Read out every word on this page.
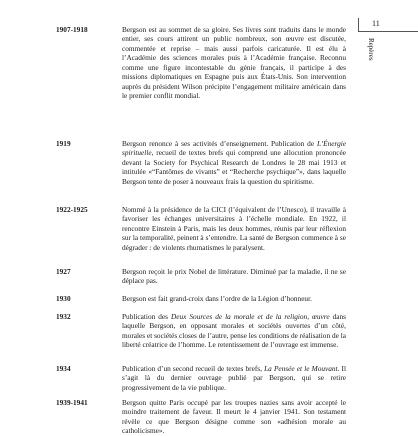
11
Repères
1907-1918	Bergson est au sommet de sa gloire. Ses livres sont traduits dans le monde entier, ses cours attirent un public nombreux, son œuvre est discutée, commentée et reprise – mais aussi parfois caricaturée. Il est élu à l’Académie des sciences morales puis à l’Académie française. Reconnu comme une figure incontestable du génie français, il participe à des missions diplomatiques en Espagne puis aux États-Unis. Son intervention auprès du président Wilson précipite l’engagement militaire américain dans le premier conflit mondial.
1919	Bergson renonce à ses activités d’enseignement. Publication de L’Énergie spirituelle, recueil de textes brefs qui comprend une allocution prononcée devant la Society for Psychical Research de Londres le 28 mai 1913 et intitulée «“Fantômes de vivants” et “Recherche psychique”», dans laquelle Bergson tente de poser à nouveaux frais la question du spiritisme.
1922-1925	Nommé à la présidence de la CICI (l’équivalent de l’Unesco), il travaille à favoriser les échanges universitaires à l’échelle mondiale. En 1922, il rencontre Einstein à Paris, mais les deux hommes, réunis par leur réflexion sur la temporalité, peinent à s’entendre. La santé de Bergson commence à se dégrader : de violents rhumatismes le paralysent.
1927	Bergson reçoit le prix Nobel de littérature. Diminué par la maladie, il ne se déplace pas.
1930	Bergson est fait grand-croix dans l’ordre de la Légion d’honneur.
1932	Publication des Deux Sources de la morale et de la religion, œuvre dans laquelle Bergson, en opposant morales et sociétés ouvertes d’un côté, morales et sociétés closes de l’autre, pense les conditions de réalisation de la liberté créatrice de l’homme. Le retentissement de l’ouvrage est immense.
1934	Publication d’un second recueil de textes brefs, La Pensée et le Mouvant. Il s’agit là du dernier ouvrage publié par Bergson, qui se retire progressivement de la vie publique.
1939-1941	Bergson quitte Paris occupé par les troupes nazies sans avoir accepté le moindre traitement de faveur. Il meurt le 4 janvier 1941. Son testament révèle ce que Bergson désigne comme son «adhésion morale au catholicisme».
